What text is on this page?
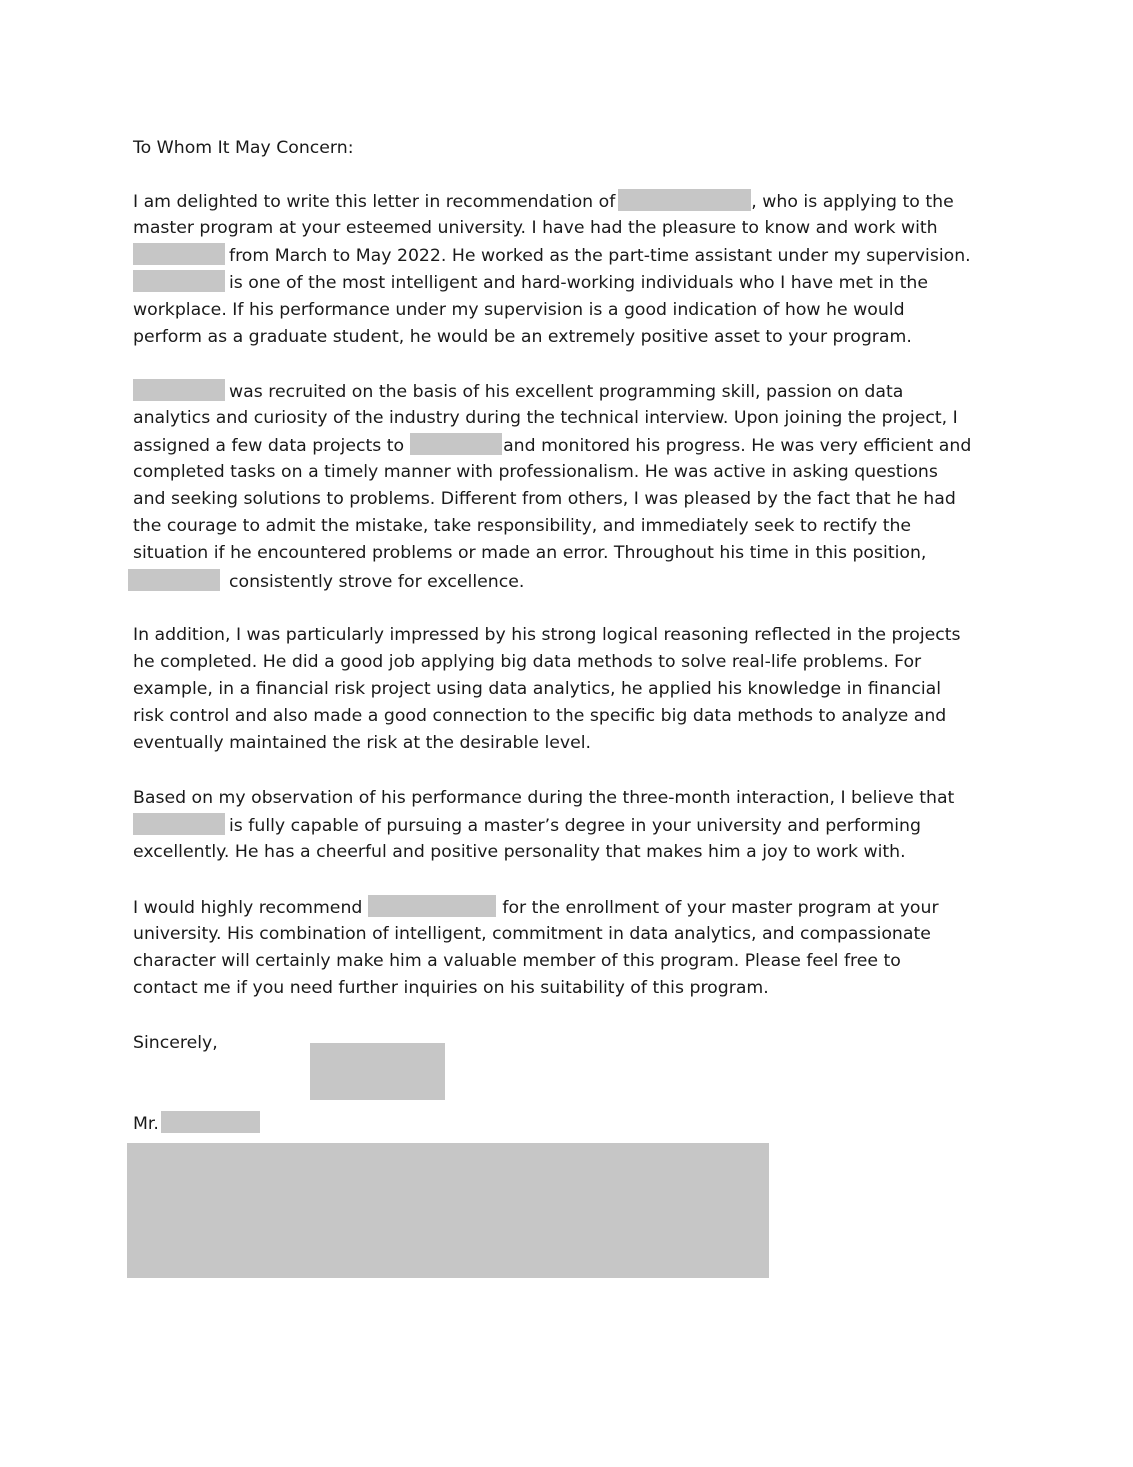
To Whom It May Concern:
I am delighted to write this letter in recommendation of	, who is applying to the
master program at your esteemed university. I have had the pleasure to know and work with
from March to May 2022. He worked as the part-time assistant under my supervision.
is one of the most intelligent and hard-working individuals who I have met in the
workplace. If his performance under my supervision is a good indication of how he would
perform as a graduate student, he would be an extremely positive asset to your program.
was recruited on the basis of his excellent programming skill, passion on data
analytics and curiosity of the industry during the technical interview. Upon joining the project, I
assigned a few data projects to	and monitored his progress. He was very efficient and
completed tasks on a timely manner with professionalism. He was active in asking questions
and seeking solutions to problems. Different from others, I was pleased by the fact that he had
the courage to admit the mistake, take responsibility, and immediately seek to rectify the
situation if he encountered problems or made an error. Throughout his time in this position,
consistently strove for excellence.
In addition, I was particularly impressed by his strong logical reasoning reflected in the projects
he completed. He did a good job applying big data methods to solve real-life problems. For
example, in a financial risk project using data analytics, he applied his knowledge in financial
risk control and also made a good connection to the specific big data methods to analyze and
eventually maintained the risk at the desirable level.
Based on my observation of his performance during the three-month interaction, I believe that
is fully capable of pursuing a master’s degree in your university and performing
excellently. He has a cheerful and positive personality that makes him a joy to work with.
I would highly recommend	for the enrollment of your master program at your
university. His combination of intelligent, commitment in data analytics, and compassionate
character will certainly make him a valuable member of this program. Please feel free to
contact me if you need further inquiries on his suitability of this program.
Sincerely,
Mr.
